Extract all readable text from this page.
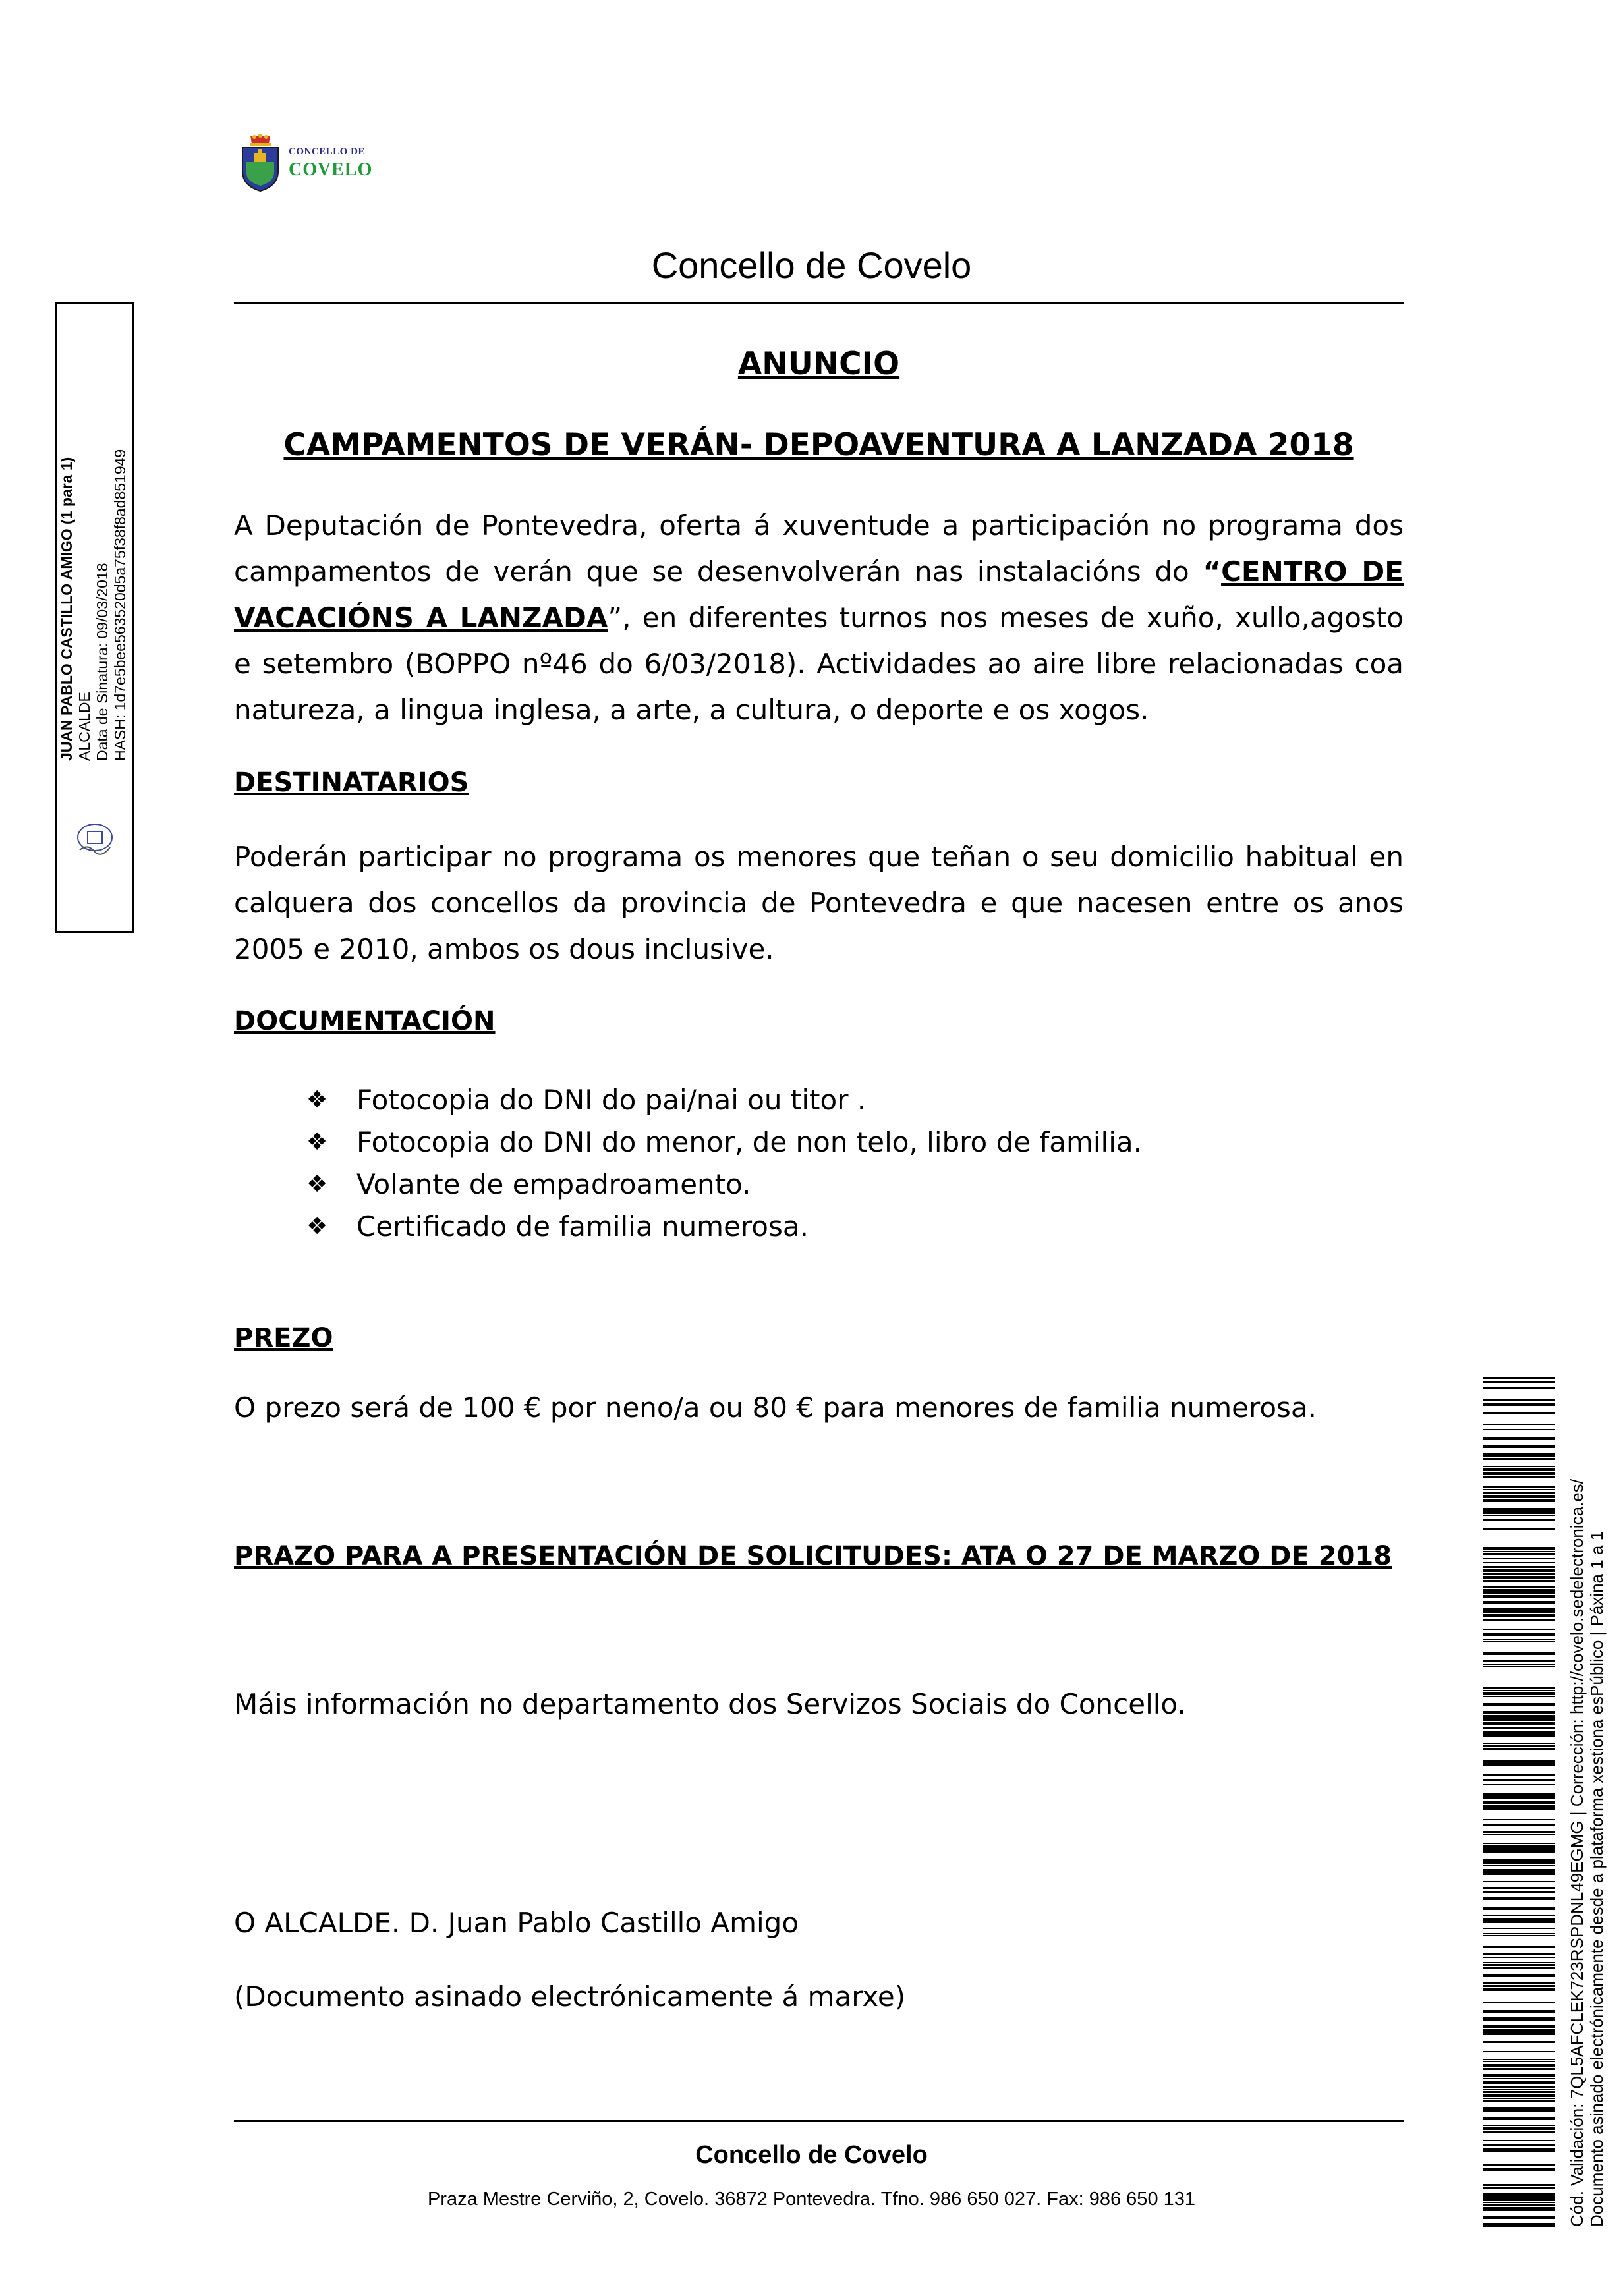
CONCELLO DE
COVELO
Concello de Covelo
JUAN PABLO CASTILLO AMIGO (1 para 1) ALCALDE Data de Sinatura: 09/03/2018 HASH: 1d7e5bee563520d5a75f38f8ad851949
ANUNCIO
CAMPAMENTOS DE VERÁN- DEPOAVENTURA A LANZADA 2018
A Deputación de Pontevedra, oferta á xuventude a participación no programa dos campamentos de verán que se desenvolverán nas instalacións do “CENTRO DE VACACIÓNS A LANZADA”, en diferentes turnos nos meses de xuño, xullo,agosto e setembro (BOPPO nº46 do 6/03/2018). Actividades ao aire libre relacionadas coa natureza, a lingua inglesa, a arte, a cultura, o deporte e os xogos.
DESTINATARIOS
Poderán participar no programa os menores que teñan o seu domicilio habitual en calquera dos concellos da provincia de Pontevedra e que nacesen entre os anos 2005 e 2010, ambos os dous inclusive.
DOCUMENTACIÓN
❖ Fotocopia do DNI do pai/nai ou titor .
❖ Fotocopia do DNI do menor, de non telo, libro de familia.
❖ Volante de empadroamento.
❖ Certificado de familia numerosa.
PREZO
O prezo será de 100 € por neno/a ou 80 € para menores de familia numerosa.
PRAZO PARA A PRESENTACIÓN DE SOLICITUDES: ATA O 27 DE MARZO DE 2018
Máis información no departamento dos Servizos Sociais do Concello.
O ALCALDE. D. Juan Pablo Castillo Amigo
(Documento asinado electrónicamente á marxe)
Concello de Covelo
Praza Mestre Cerviño, 2, Covelo. 36872 Pontevedra. Tfno. 986 650 027. Fax: 986 650 131	Cód. Validación: 7QL5AFCLEK723RSPDNL49EGMG | Corrección: http://covelo.sedelectronica.es/ Documento asinado electrónicamente desde a plataforma xestiona esPúblico | Páxina 1 a 1
